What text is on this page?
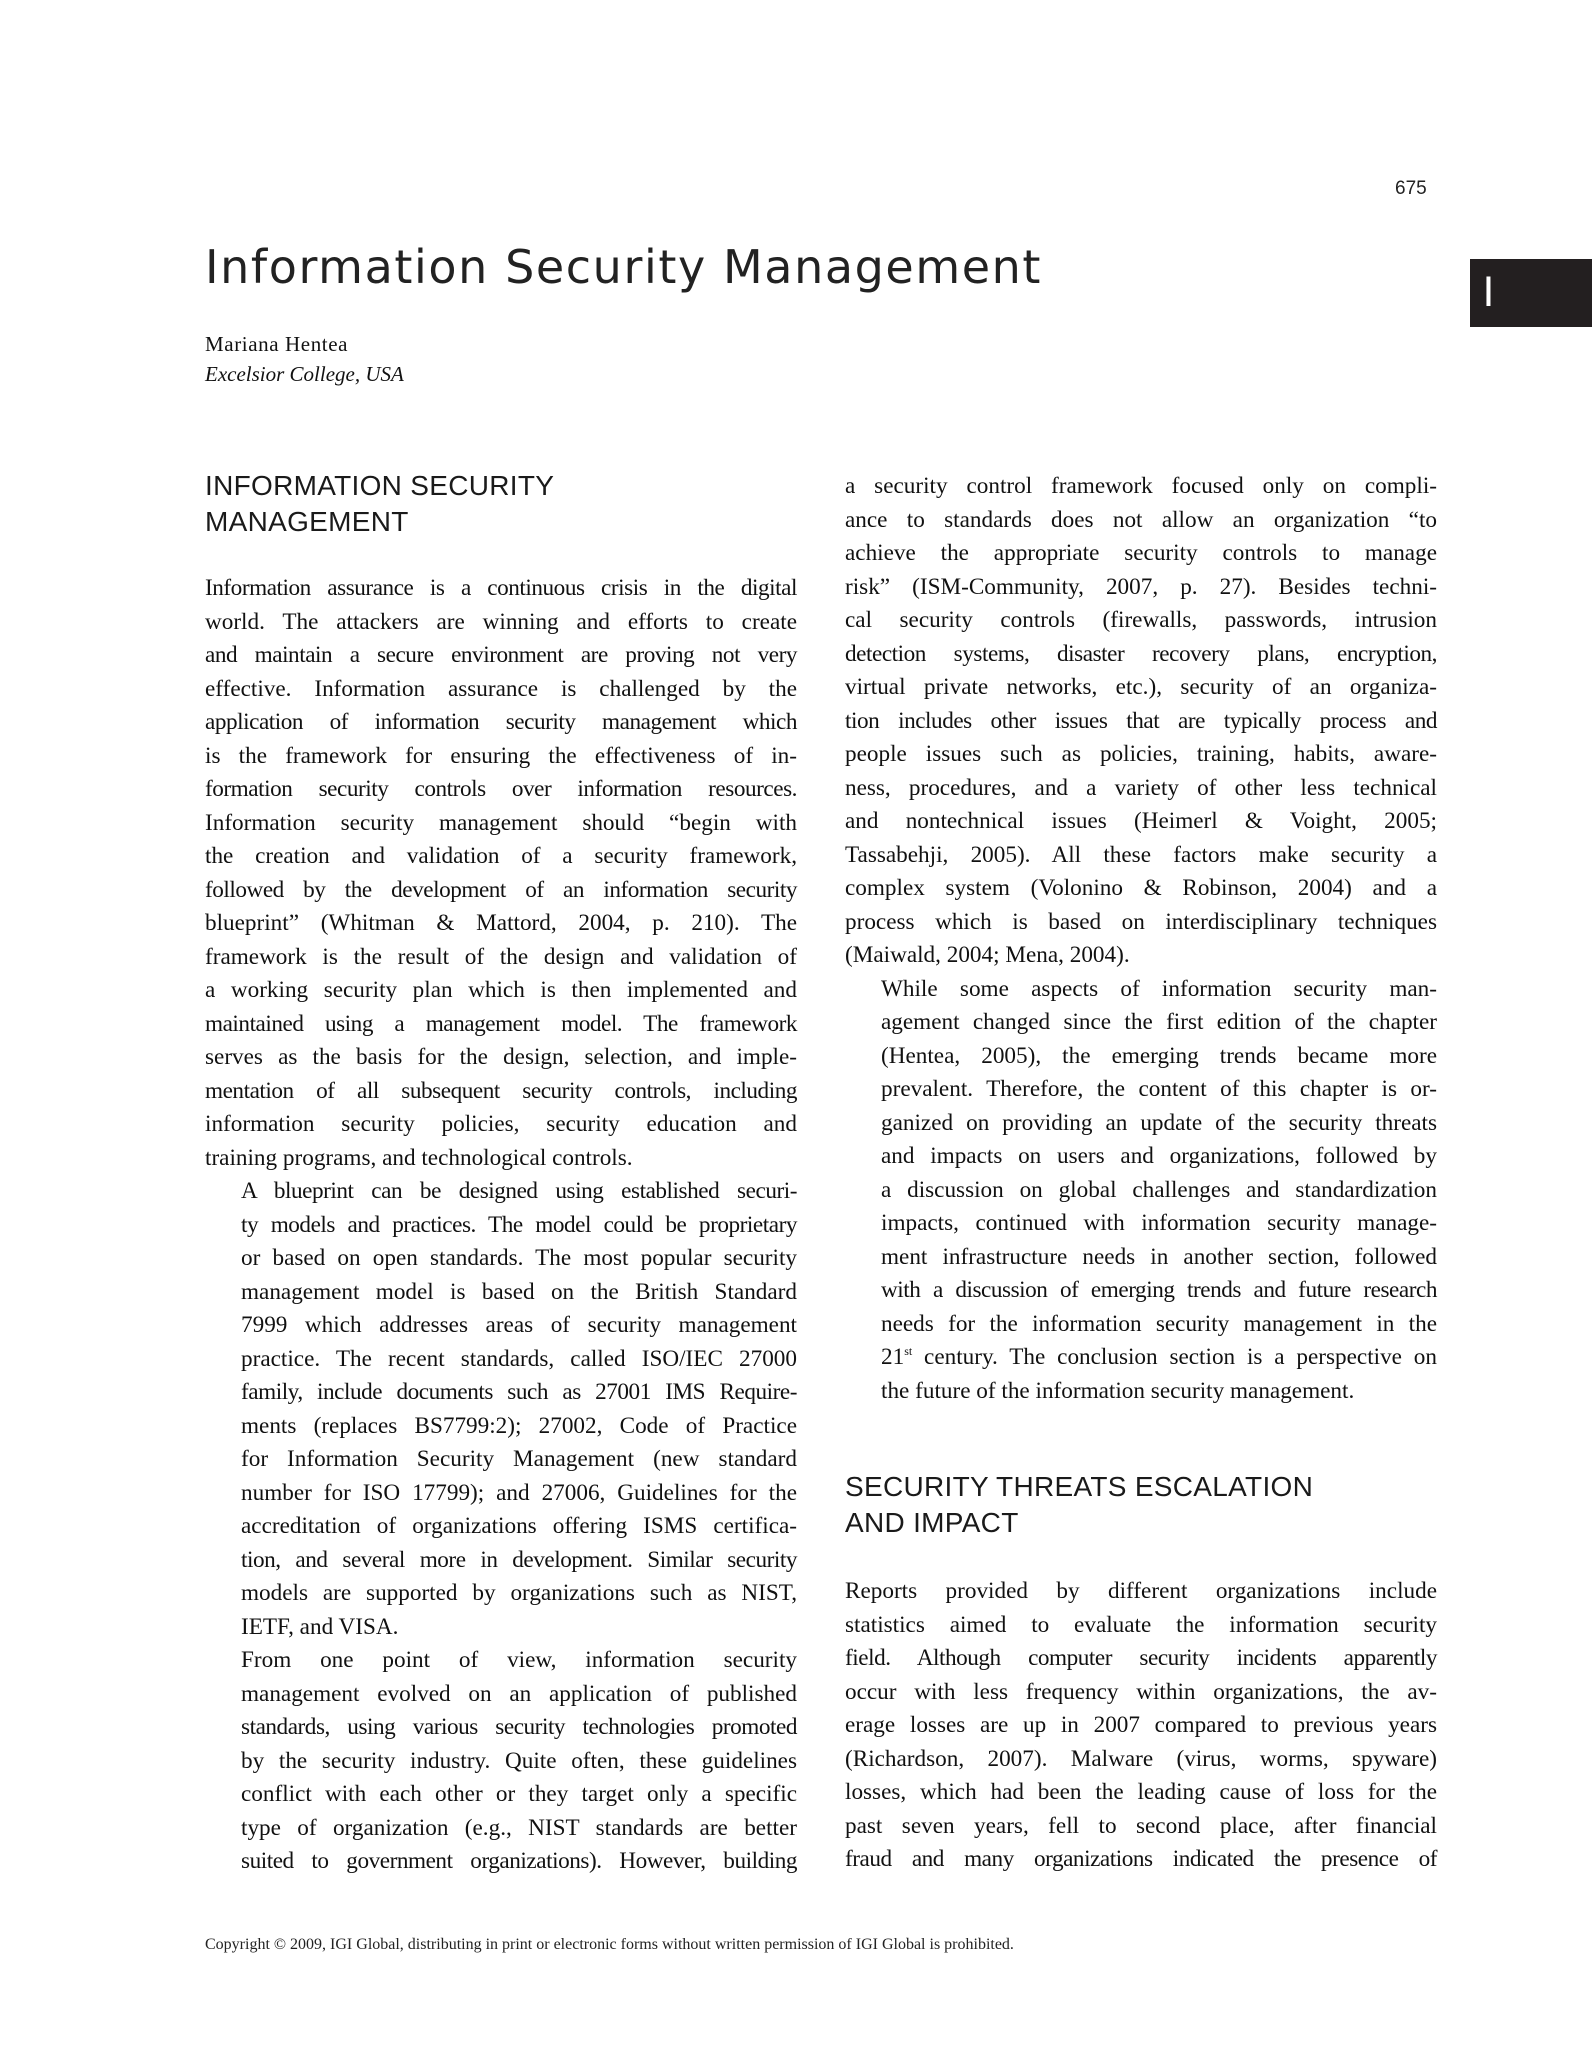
675
I
Information Security Management
Mariana Hentea
Excelsior College, USA
INFORMATION SECURITY
MANAGEMENT

Information assurance is a continuous crisis in the digital
world. The attackers are winning and efforts to create
and maintain a secure environment are proving not very
effective. Information assurance is challenged by the
application of information security management which
is the framework for ensuring the effectiveness of in-
formation security controls over information resources.
Information security management should “begin with
the creation and validation of a security framework,
followed by the development of an information security
blueprint” (Whitman & Mattord, 2004, p. 210). The
framework is the result of the design and validation of
a working security plan which is then implemented and
maintained using a management model. The framework
serves as the basis for the design, selection, and imple-
mentation of all subsequent security controls, including
information security policies, security education and
training programs, and technological controls.

A blueprint can be designed using established securi-
ty models and practices. The model could be proprietary
or based on open standards. The most popular security
management model is based on the British Standard
7999 which addresses areas of security management
practice. The recent standards, called ISO/IEC 27000
family, include documents such as 27001 IMS Require-
ments (replaces BS7799:2); 27002, Code of Practice
for Information Security Management (new standard
number for ISO 17799); and 27006, Guidelines for the
accreditation of organizations offering ISMS certifica-
tion, and several more in development. Similar security
models are supported by organizations such as NIST,
IETF, and VISA.

From one point of view, information security
management evolved on an application of published
standards, using various security technologies promoted
by the security industry. Quite often, these guidelines
conflict with each other or they target only a specific
type of organization (e.g., NIST standards are better
suited to government organizations). However, building

a security control framework focused only on compli-
ance to standards does not allow an organization “to
achieve the appropriate security controls to manage
risk” (ISM-Community, 2007, p. 27). Besides techni-
cal security controls (firewalls, passwords, intrusion
detection systems, disaster recovery plans, encryption,
virtual private networks, etc.), security of an organiza-
tion includes other issues that are typically process and
people issues such as policies, training, habits, aware-
ness, procedures, and a variety of other less technical
and nontechnical issues (Heimerl & Voight, 2005;
Tassabehji, 2005). All these factors make security a
complex system (Volonino & Robinson, 2004) and a
process which is based on interdisciplinary techniques
(Maiwald, 2004; Mena, 2004).

While some aspects of information security man-
agement changed since the first edition of the chapter
(Hentea, 2005), the emerging trends became more
prevalent. Therefore, the content of this chapter is or-
ganized on providing an update of the security threats
and impacts on users and organizations, followed by
a discussion on global challenges and standardization
impacts, continued with information security manage-
ment infrastructure needs in another section, followed
with a discussion of emerging trends and future research
needs for the information security management in the
21st century. The conclusion section is a perspective on
the future of the information security management.

SECURITY THREATS ESCALATION
AND IMPACT

Reports provided by different organizations include
statistics aimed to evaluate the information security
field. Although computer security incidents apparently
occur with less frequency within organizations, the av-
erage losses are up in 2007 compared to previous years
(Richardson, 2007). Malware (virus, worms, spyware)
losses, which had been the leading cause of loss for the
past seven years, fell to second place, after financial
fraud and many organizations indicated the presence of

Copyright © 2009, IGI Global, distributing in print or electronic forms without written permission of IGI Global is prohibited.
